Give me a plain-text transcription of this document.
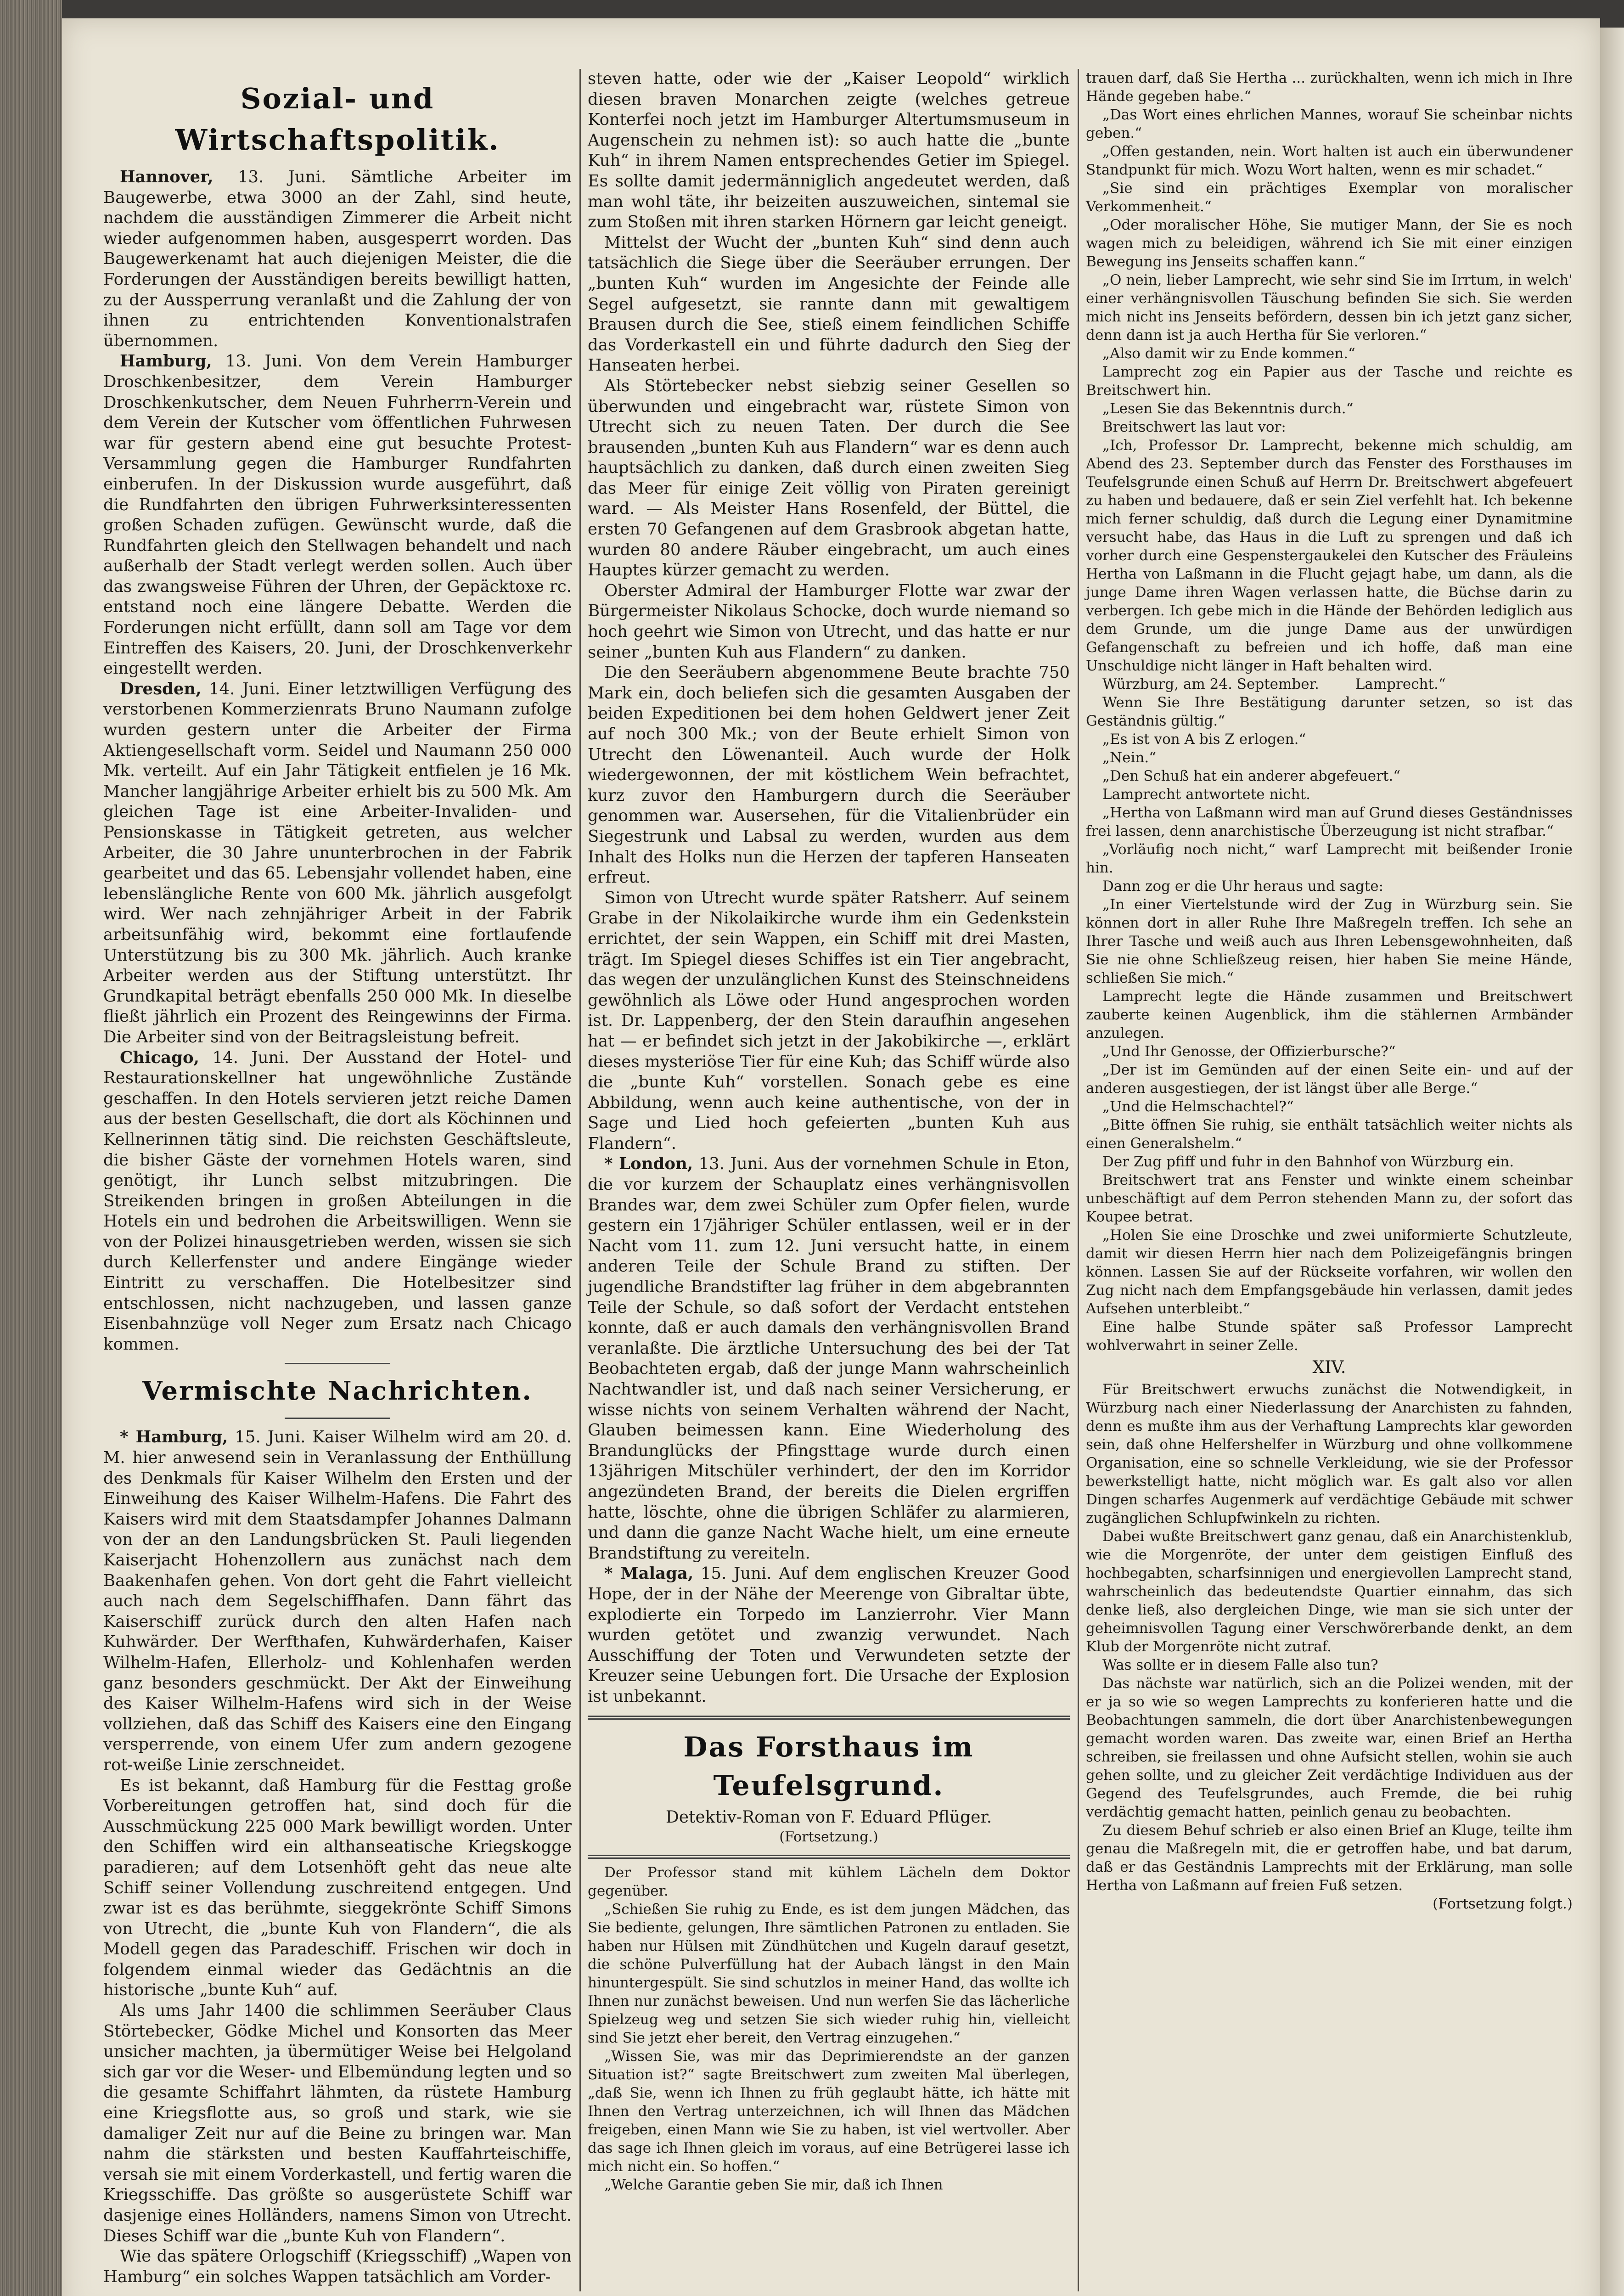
Sozial- und Wirtschaftspolitik.

Hannover, 13. Juni. Sämtliche Arbeiter im Baugewerbe, etwa 3000 an der Zahl, sind heute, nachdem die ausständigen Zimmerer die Arbeit nicht wieder aufgenommen haben, ausgesperrt worden. Das Baugewerkenamt hat auch diejenigen Meister, die die Forderungen der Ausständigen bereits bewilligt hatten, zu der Aussperrung veranlaßt und die Zahlung der von ihnen zu entrichtenden Konventionalstrafen übernommen.

Hamburg, 13. Juni. Von dem Verein Hamburger Droschkenbesitzer, dem Verein Hamburger Droschkenkutscher, dem Neuen Fuhrherrn-Verein und dem Verein der Kutscher vom öffentlichen Fuhrwesen war für gestern abend eine gut besuchte Protest-Versammlung gegen die Hamburger Rundfahrten einberufen. In der Diskussion wurde ausgeführt, daß die Rundfahrten den übrigen Fuhrwerksinteressenten großen Schaden zufügen. Gewünscht wurde, daß die Rundfahrten gleich den Stellwagen behandelt und nach außerhalb der Stadt verlegt werden sollen. Auch über das zwangsweise Führen der Uhren, der Gepäcktoxe rc. entstand noch eine längere Debatte. Werden die Forderungen nicht erfüllt, dann soll am Tage vor dem Eintreffen des Kaisers, 20. Juni, der Droschkenverkehr eingestellt werden.

Dresden, 14. Juni. Einer letztwilligen Verfügung des verstorbenen Kommerzienrats Bruno Naumann zufolge wurden gestern unter die Arbeiter der Firma Aktiengesellschaft vorm. Seidel und Naumann 250 000 Mk. verteilt. Auf ein Jahr Tätigkeit entfielen je 16 Mk. Mancher langjährige Arbeiter erhielt bis zu 500 Mk. Am gleichen Tage ist eine Arbeiter-Invaliden- und Pensionskasse in Tätigkeit getreten, aus welcher Arbeiter, die 30 Jahre ununterbrochen in der Fabrik gearbeitet und das 65. Lebensjahr vollendet haben, eine lebenslängliche Rente von 600 Mk. jährlich ausgefolgt wird. Wer nach zehnjähriger Arbeit in der Fabrik arbeitsunfähig wird, bekommt eine fortlaufende Unterstützung bis zu 300 Mk. jährlich. Auch kranke Arbeiter werden aus der Stiftung unterstützt. Ihr Grundkapital beträgt ebenfalls 250 000 Mk. In dieselbe fließt jährlich ein Prozent des Reingewinns der Firma. Die Arbeiter sind von der Beitragsleistung befreit.

Chicago, 14. Juni. Der Ausstand der Hotel- und Restaurationskellner hat ungewöhnliche Zustände geschaffen. In den Hotels servieren jetzt reiche Damen aus der besten Gesellschaft, die dort als Köchinnen und Kellnerinnen tätig sind. Die reichsten Geschäftsleute, die bisher Gäste der vornehmen Hotels waren, sind genötigt, ihr Lunch selbst mitzubringen. Die Streikenden bringen in großen Abteilungen in die Hotels ein und bedrohen die Arbeitswilligen. Wenn sie von der Polizei hinausgetrieben werden, wissen sie sich durch Kellerfenster und andere Eingänge wieder Eintritt zu verschaffen. Die Hotelbesitzer sind entschlossen, nicht nachzugeben, und lassen ganze Eisenbahnzüge voll Neger zum Ersatz nach Chicago kommen.

Vermischte Nachrichten.

* Hamburg, 15. Juni. Kaiser Wilhelm wird am 20. d. M. hier anwesend sein in Veranlassung der Enthüllung des Denkmals für Kaiser Wilhelm den Ersten und der Einweihung des Kaiser Wilhelm-Hafens. Die Fahrt des Kaisers wird mit dem Staatsdampfer Johannes Dalmann von der an den Landungsbrücken St. Pauli liegenden Kaiserjacht Hohenzollern aus zunächst nach dem Baakenhafen gehen. Von dort geht die Fahrt vielleicht auch nach dem Segelschiffhafen. Dann fährt das Kaiserschiff zurück durch den alten Hafen nach Kuhwärder. Der Werfthafen, Kuhwärderhafen, Kaiser Wilhelm-Hafen, Ellerholz- und Kohlenhafen werden ganz besonders geschmückt. Der Akt der Einweihung des Kaiser Wilhelm-Hafens wird sich in der Weise vollziehen, daß das Schiff des Kaisers eine den Eingang versperrende, von einem Ufer zum andern gezogene rot-weiße Linie zerschneidet.

Es ist bekannt, daß Hamburg für die Festtag große Vorbereitungen getroffen hat, sind doch für die Ausschmückung 225 000 Mark bewilligt worden. Unter den Schiffen wird ein althanseatische Kriegskogge paradieren; auf dem Lotsenhöft geht das neue alte Schiff seiner Vollendung zuschreitend entgegen. Und zwar ist es das berühmte, sieggekrönte Schiff Simons von Utrecht, die „bunte Kuh von Flandern“, die als Modell gegen das Paradeschiff. Frischen wir doch in folgendem einmal wieder das Gedächtnis an die historische „bunte Kuh“ auf.

Als ums Jahr 1400 die schlimmen Seeräuber Claus Störtebecker, Gödke Michel und Konsorten das Meer unsicher machten, ja übermütiger Weise bei Helgoland sich gar vor die Weser- und Elbemündung legten und so die gesamte Schiffahrt lähmten, da rüstete Hamburg eine Kriegsflotte aus, so groß und stark, wie sie damaliger Zeit nur auf die Beine zu bringen war. Man nahm die stärksten und besten Kauffahrteischiffe, versah sie mit einem Vorderkastell, und fertig waren die Kriegsschiffe. Das größte so ausgerüstete Schiff war dasjenige eines Holländers, namens Simon von Utrecht. Dieses Schiff war die „bunte Kuh von Flandern“.

Wie das spätere Orlogschiff (Kriegsschiff) „Wapen von Hamburg“ ein solches Wappen tatsächlich am Vorder-

steven hatte, oder wie der „Kaiser Leopold“ wirklich diesen braven Monarchen zeigte (welches getreue Konterfei noch jetzt im Hamburger Altertumsmuseum in Augenschein zu nehmen ist): so auch hatte die „bunte Kuh“ in ihrem Namen entsprechendes Getier im Spiegel. Es sollte damit jedermänniglich angedeutet werden, daß man wohl täte, ihr beizeiten auszuweichen, sintemal sie zum Stoßen mit ihren starken Hörnern gar leicht geneigt.

Mittelst der Wucht der „bunten Kuh“ sind denn auch tatsächlich die Siege über die Seeräuber errungen. Der „bunten Kuh“ wurden im Angesichte der Feinde alle Segel aufgesetzt, sie rannte dann mit gewaltigem Brausen durch die See, stieß einem feindlichen Schiffe das Vorderkastell ein und führte dadurch den Sieg der Hanseaten herbei.

Als Störtebecker nebst siebzig seiner Gesellen so überwunden und eingebracht war, rüstete Simon von Utrecht sich zu neuen Taten. Der durch die See brausenden „bunten Kuh aus Flandern“ war es denn auch hauptsächlich zu danken, daß durch einen zweiten Sieg das Meer für einige Zeit völlig von Piraten gereinigt ward. — Als Meister Hans Rosenfeld, der Büttel, die ersten 70 Gefangenen auf dem Grasbrook abgetan hatte, wurden 80 andere Räuber eingebracht, um auch eines Hauptes kürzer gemacht zu werden.

Oberster Admiral der Hamburger Flotte war zwar der Bürgermeister Nikolaus Schocke, doch wurde niemand so hoch geehrt wie Simon von Utrecht, und das hatte er nur seiner „bunten Kuh aus Flandern“ zu danken.

Die den Seeräubern abgenommene Beute brachte 750 Mark ein, doch beliefen sich die gesamten Ausgaben der beiden Expeditionen bei dem hohen Geldwert jener Zeit auf noch 300 Mk.; von der Beute erhielt Simon von Utrecht den Löwenanteil. Auch wurde der Holk wiedergewonnen, der mit köstlichem Wein befrachtet, kurz zuvor den Hamburgern durch die Seeräuber genommen war. Ausersehen, für die Vitalienbrüder ein Siegestrunk und Labsal zu werden, wurden aus dem Inhalt des Holks nun die Herzen der tapferen Hanseaten erfreut.

Simon von Utrecht wurde später Ratsherr. Auf seinem Grabe in der Nikolaikirche wurde ihm ein Gedenkstein errichtet, der sein Wappen, ein Schiff mit drei Masten, trägt. Im Spiegel dieses Schiffes ist ein Tier angebracht, das wegen der unzulänglichen Kunst des Steinschneidens gewöhnlich als Löwe oder Hund angesprochen worden ist. Dr. Lappenberg, der den Stein daraufhin angesehen hat — er befindet sich jetzt in der Jakobikirche —, erklärt dieses mysteriöse Tier für eine Kuh; das Schiff würde also die „bunte Kuh“ vorstellen. Sonach gebe es eine Abbildung, wenn auch keine authentische, von der in Sage und Lied hoch gefeierten „bunten Kuh aus Flandern“.

* London, 13. Juni. Aus der vornehmen Schule in Eton, die vor kurzem der Schauplatz eines verhängnisvollen Brandes war, dem zwei Schüler zum Opfer fielen, wurde gestern ein 17jähriger Schüler entlassen, weil er in der Nacht vom 11. zum 12. Juni versucht hatte, in einem anderen Teile der Schule Brand zu stiften. Der jugendliche Brandstifter lag früher in dem abgebrannten Teile der Schule, so daß sofort der Verdacht entstehen konnte, daß er auch damals den verhängnisvollen Brand veranlaßte. Die ärztliche Untersuchung des bei der Tat Beobachteten ergab, daß der junge Mann wahrscheinlich Nachtwandler ist, und daß nach seiner Versicherung, er wisse nichts von seinem Verhalten während der Nacht, Glauben beimessen kann. Eine Wiederholung des Brandunglücks der Pfingsttage wurde durch einen 13jährigen Mitschüler verhindert, der den im Korridor angezündeten Brand, der bereits die Dielen ergriffen hatte, löschte, ohne die übrigen Schläfer zu alarmieren, und dann die ganze Nacht Wache hielt, um eine erneute Brandstiftung zu vereiteln.

* Malaga, 15. Juni. Auf dem englischen Kreuzer Good Hope, der in der Nähe der Meerenge von Gibraltar übte, explodierte ein Torpedo im Lanzierrohr. Vier Mann wurden getötet und zwanzig verwundet. Nach Ausschiffung der Toten und Verwundeten setzte der Kreuzer seine Uebungen fort. Die Ursache der Explosion ist unbekannt.

Das Forsthaus im Teufelsgrund.

Detektiv-Roman von F. Eduard Pflüger.

(Fortsetzung.)

Der Professor stand mit kühlem Lächeln dem Doktor gegenüber.

„Schießen Sie ruhig zu Ende, es ist dem jungen Mädchen, das Sie bediente, gelungen, Ihre sämtlichen Patronen zu entladen. Sie haben nur Hülsen mit Zündhütchen und Kugeln darauf gesetzt, die schöne Pulverfüllung hat der Aubach längst in den Main hinuntergespült. Sie sind schutzlos in meiner Hand, das wollte ich Ihnen nur zunächst beweisen. Und nun werfen Sie das lächerliche Spielzeug weg und setzen Sie sich wieder ruhig hin, vielleicht sind Sie jetzt eher bereit, den Vertrag einzugehen.“

„Wissen Sie, was mir das Deprimierendste an der ganzen Situation ist?“ sagte Breitschwert zum zweiten Mal überlegen, „daß Sie, wenn ich Ihnen zu früh geglaubt hätte, ich hätte mit Ihnen den Vertrag unterzeichnen, ich will Ihnen das Mädchen freigeben, einen Mann wie Sie zu haben, ist viel wertvoller. Aber das sage ich Ihnen gleich im voraus, auf eine Betrügerei lasse ich mich nicht ein. So hoffen.“

„Welche Garantie geben Sie mir, daß ich Ihnen

trauen darf, daß Sie Hertha ... zurückhalten, wenn ich mich in Ihre Hände gegeben habe.“

„Das Wort eines ehrlichen Mannes, worauf Sie scheinbar nichts geben.“

„Offen gestanden, nein. Wort halten ist auch ein überwundener Standpunkt für mich. Wozu Wort halten, wenn es mir schadet.“

„Sie sind ein prächtiges Exemplar von moralischer Verkommenheit.“

„Oder moralischer Höhe, Sie mutiger Mann, der Sie es noch wagen mich zu beleidigen, während ich Sie mit einer einzigen Bewegung ins Jenseits schaffen kann.“

„O nein, lieber Lamprecht, wie sehr sind Sie im Irrtum, in welch' einer verhängnisvollen Täuschung befinden Sie sich. Sie werden mich nicht ins Jenseits befördern, dessen bin ich jetzt ganz sicher, denn dann ist ja auch Hertha für Sie verloren.“

„Also damit wir zu Ende kommen.“

Lamprecht zog ein Papier aus der Tasche und reichte es Breitschwert hin.

„Lesen Sie das Bekenntnis durch.“

Breitschwert las laut vor:

„Ich, Professor Dr. Lamprecht, bekenne mich schuldig, am Abend des 23. September durch das Fenster des Forsthauses im Teufelsgrunde einen Schuß auf Herrn Dr. Breitschwert abgefeuert zu haben und bedauere, daß er sein Ziel verfehlt hat. Ich bekenne mich ferner schuldig, daß durch die Legung einer Dynamitmine versucht habe, das Haus in die Luft zu sprengen und daß ich vorher durch eine Gespenstergaukelei den Kutscher des Fräuleins Hertha von Laßmann in die Flucht gejagt habe, um dann, als die junge Dame ihren Wagen verlassen hatte, die Büchse darin zu verbergen. Ich gebe mich in die Hände der Behörden lediglich aus dem Grunde, um die junge Dame aus der unwürdigen Gefangenschaft zu befreien und ich hoffe, daß man eine Unschuldige nicht länger in Haft behalten wird.

Würzburg, am 24. September.	Lamprecht.“

Wenn Sie Ihre Bestätigung darunter setzen, so ist das Geständnis gültig.“

„Es ist von A bis Z erlogen.“

„Nein.“

„Den Schuß hat ein anderer abgefeuert.“

Lamprecht antwortete nicht.

„Hertha von Laßmann wird man auf Grund dieses Geständnisses frei lassen, denn anarchistische Überzeugung ist nicht strafbar.“

„Vorläufig noch nicht,“ warf Lamprecht mit beißender Ironie hin.

Dann zog er die Uhr heraus und sagte:

„In einer Viertelstunde wird der Zug in Würzburg sein. Sie können dort in aller Ruhe Ihre Maßregeln treffen. Ich sehe an Ihrer Tasche und weiß auch aus Ihren Lebensgewohnheiten, daß Sie nie ohne Schließzeug reisen, hier haben Sie meine Hände, schließen Sie mich.“

Lamprecht legte die Hände zusammen und Breitschwert zauberte keinen Augenblick, ihm die stählernen Armbänder anzulegen.

„Und Ihr Genosse, der Offizierbursche?“

„Der ist im Gemünden auf der einen Seite ein- und auf der anderen ausgestiegen, der ist längst über alle Berge.“

„Und die Helmschachtel?“

„Bitte öffnen Sie ruhig, sie enthält tatsächlich weiter nichts als einen Generalshelm.“

Der Zug pfiff und fuhr in den Bahnhof von Würzburg ein.

Breitschwert trat ans Fenster und winkte einem scheinbar unbeschäftigt auf dem Perron stehenden Mann zu, der sofort das Koupee betrat.

„Holen Sie eine Droschke und zwei uniformierte Schutzleute, damit wir diesen Herrn hier nach dem Polizeigefängnis bringen können. Lassen Sie auf der Rückseite vorfahren, wir wollen den Zug nicht nach dem Empfangsgebäude hin verlassen, damit jedes Aufsehen unterbleibt.“

Eine halbe Stunde später saß Professor Lamprecht wohlverwahrt in seiner Zelle.

XIV.

Für Breitschwert erwuchs zunächst die Notwendigkeit, in Würzburg nach einer Niederlassung der Anarchisten zu fahnden, denn es mußte ihm aus der Verhaftung Lamprechts klar geworden sein, daß ohne Helfershelfer in Würzburg und ohne vollkommene Organisation, eine so schnelle Verkleidung, wie sie der Professor bewerkstelligt hatte, nicht möglich war. Es galt also vor allen Dingen scharfes Augenmerk auf verdächtige Gebäude mit schwer zugänglichen Schlupfwinkeln zu richten.

Dabei wußte Breitschwert ganz genau, daß ein Anarchistenklub, wie die Morgenröte, der unter dem geistigen Einfluß des hochbegabten, scharfsinnigen und energievollen Lamprecht stand, wahrscheinlich das bedeutendste Quartier einnahm, das sich denke ließ, also dergleichen Dinge, wie man sie sich unter der geheimnisvollen Tagung einer Verschwörerbande denkt, an dem Klub der Morgenröte nicht zutraf.

Was sollte er in diesem Falle also tun?

Das nächste war natürlich, sich an die Polizei wenden, mit der er ja so wie so wegen Lamprechts zu konferieren hatte und die Beobachtungen sammeln, die dort über Anarchistenbewegungen gemacht worden waren. Das zweite war, einen Brief an Hertha schreiben, sie freilassen und ohne Aufsicht stellen, wohin sie auch gehen sollte, und zu gleicher Zeit verdächtige Individuen aus der Gegend des Teufelsgrundes, auch Fremde, die bei ruhig verdächtig gemacht hatten, peinlich genau zu beobachten.

Zu diesem Behuf schrieb er also einen Brief an Kluge, teilte ihm genau die Maßregeln mit, die er getroffen habe, und bat darum, daß er das Geständnis Lamprechts mit der Erklärung, man solle Hertha von Laßmann auf freien Fuß setzen.

(Fortsetzung folgt.)
